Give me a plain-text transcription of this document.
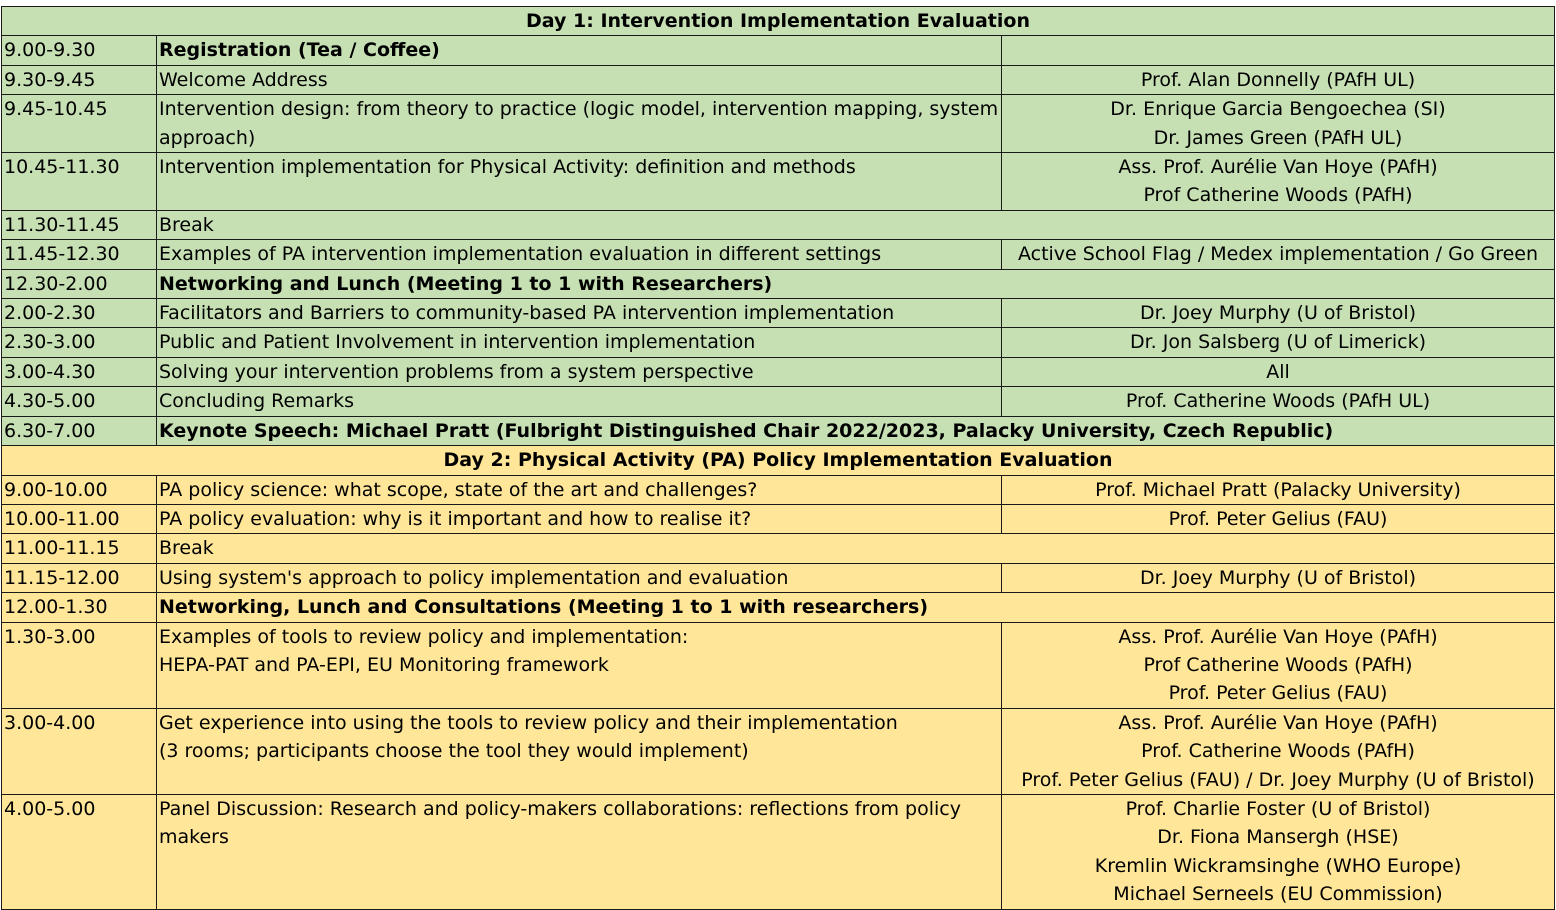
Day 1: Intervention Implementation Evaluation		
9.00-9.30	Registration (Tea / Coffee)	
9.30-9.45	Welcome Address	Prof. Alan Donnelly (PAfH UL)
9.45-10.45	Intervention design: from theory to practice (logic model, intervention mapping, system approach)	Dr. Enrique Garcia Bengoechea (SI)
Dr. James Green (PAfH UL)

10.45-11.30	Intervention implementation for Physical Activity: definition and methods	Ass. Prof. Aurélie Van Hoye (PAfH)
Prof Catherine Woods (PAfH)

11.30-11.45	Break	
11.45-12.30	Examples of PA intervention implementation evaluation in different settings	Active School Flag / Medex implementation / Go Green
12.30-2.00	Networking and Lunch (Meeting 1 to 1 with Researchers)	
2.00-2.30	Facilitators and Barriers to community-based PA intervention implementation	Dr. Joey Murphy (U of Bristol)
2.30-3.00	Public and Patient Involvement in intervention implementation	Dr. Jon Salsberg (U of Limerick)
3.00-4.30	Solving your intervention problems from a system perspective	All
4.30-5.00	Concluding Remarks	Prof. Catherine Woods (PAfH UL)
6.30-7.00	Keynote Speech: Michael Pratt (Fulbright Distinguished Chair 2022/2023, Palacky University, Czech Republic)	
Day 2: Physical Activity (PA) Policy Implementation Evaluation		
9.00-10.00	PA policy science: what scope, state of the art and challenges?	Prof. Michael Pratt (Palacky University)
10.00-11.00	PA policy evaluation: why is it important and how to realise it?	Prof. Peter Gelius (FAU)
11.00-11.15	Break	
11.15-12.00	Using system's approach to policy implementation and evaluation	Dr. Joey Murphy (U of Bristol)
12.00-1.30	Networking, Lunch and Consultations (Meeting 1 to 1 with researchers)	
1.30-3.00	Examples of tools to review policy and implementation:
HEPA-PAT and PA-EPI, EU Monitoring framework	Ass. Prof. Aurélie Van Hoye (PAfH)
Prof Catherine Woods (PAfH)
Prof. Peter Gelius (FAU)

3.00-4.00	Get experience into using the tools to review policy and their implementation
(3 rooms; participants choose the tool they would implement)	Ass. Prof. Aurélie Van Hoye (PAfH)
Prof. Catherine Woods (PAfH)
Prof. Peter Gelius (FAU) / Dr. Joey Murphy (U of Bristol)

4.00-5.00	Panel Discussion: Research and policy-makers collaborations: reflections from policy makers	Prof. Charlie Foster (U of Bristol)
Dr. Fiona Mansergh (HSE)
Kremlin Wickramsinghe (WHO Europe)
Michael Serneels (EU Commission)
